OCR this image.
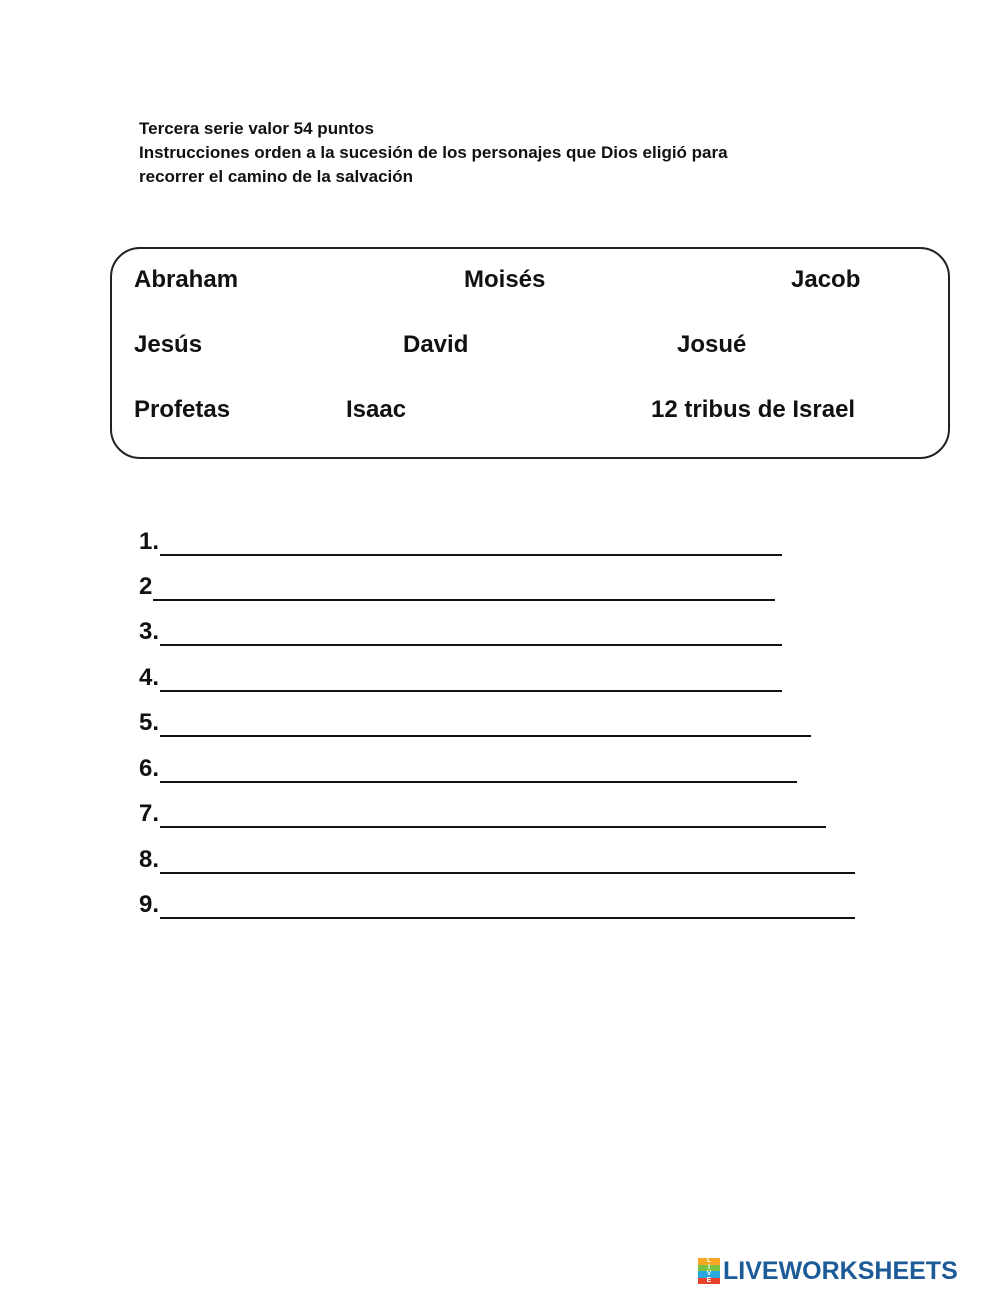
Tercera serie valor 54 puntos
Instrucciones orden a la sucesión de los personajes que Dios eligió para
recorrer el camino de la salvación
Abraham	Moisés	Jacob
Jesús	David	Josué
Profetas	Isaac	12 tribus de Israel
1.
2
3.
4.
5.
6.
7.
8.
9.
L
I
V
E LIVEWORKSHEETS
